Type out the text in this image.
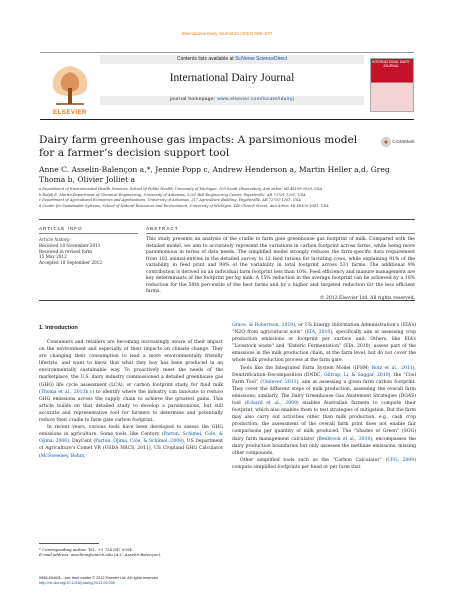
International Dairy Journal 31 (2013) S65–S77
ELSEVIER
Contents lists available at SciVerse ScienceDirect
International Dairy Journal
journal homepage: www.elsevier.com/locate/idairyj
INTERNATIONAL DAIRY JOURNAL
Dairy farm greenhouse gas impacts: A parsimonious model for a farmer’s decision support tool
CrossMark
Anne C. Asselin-Balençon a,*, Jennie Popp c, Andrew Henderson a, Martin Heller a,d, Greg Thoma b, Olivier Jolliet a
a Department of Environmental Health Sciences, School of Public Health, University of Michigan, 109 South Observatory, Ann Arbor, MI 48109-2029, USA
b Ralph E. Martin Department of Chemical Engineering, University of Arkansas, 3202 Bell Engineering Center, Fayetteville, AR 72701-1201, USA
c Department of Agricultural Economics and Agribusiness, University of Arkansas, 217 Agriculture Building, Fayetteville, AR 72701-1201, USA
d Center for Sustainable Systems, School of Natural Resources and Environment, University of Michigan, 440 Church Street, Ann Arbor, MI 48109-1041, USA
ARTICLE INFO	ABSTRACT
Article history:
Received 18 November 2011
Received in revised form
15 May 2012
Accepted 18 September 2012
This study presents an analysis of the cradle to farm gate greenhouse gas footprint of milk. Compared with the detailed model, we aim to accurately represent the variations in carbon footprint across farms, while being more parsimonious in terms of data needs. The simplified model strongly reduces the farm-specific data requirement from 102 animal-entries in the detailed survey to 12 feed rations for lactating cows, while explaining 91% of the variability in feed print and 98% of the variability in total footprint across 531 farms. The additional 9% contribution is derived on an individual farm footprint less than 10%. Feed efficiency and manure management are key determinants of the footprint per kg milk. A 15% reduction in the average footprint can be achieved by a 10% reduction for the 50th percentile of the best farms and by a higher and targeted reduction for the less efficient farms.
© 2012 Elsevier Ltd. All rights reserved.
1. Introduction

Consumers and retailers are becoming increasingly aware of their impact on the environment and especially of their impacts on climate change. They are changing their consumption to lead a more environmentally friendly lifestyle, and want to know that what they buy has been produced in an environmentally sustainable way. To proactively meet the needs of the marketplace, the U.S. dairy industry commissioned a detailed greenhouse gas (GHG) life cycle assessment (LCA), or carbon footprint study, for fluid milk (Thoma et al., 2013b,c) to identify where the industry can innovate to reduce GHG emissions across the supply chain to achieve the greatest gains. This article builds on that detailed study to develop a parsimonious, but still accurate and representative tool for farmers to determine and potentially reduce their cradle to farm gate carbon footprint.

In recent years, various tools have been developed to assess the GHG emissions in agriculture. Some tools, like Century (Parton, Schimel, Cole, & Ojima, 2006), DayCent (Parton, Ojima, Cole, & Schimel, 2008), US Department of Agriculture’s Comet VR (USDA NRCS, 2011), US Cropland GHG Calculator (McSweeney, Bohm,

Grace, & Robertson, 2010), or US Energy Information Administration’s (EIA’s) “N2O from agricultural soils” (EIA, 2010), specifically aim at assessing crop production emissions or footprint per surface unit. Others, like EIA’s “Livestock waste” and “Enteric Fermentation” (EIA, 2010), assess part of the emissions in the milk production chain, at the farm level, but do not cover the whole milk production process at the farm gate.

Tools like the Integrated Farm System Model (IFSM; Rotz et al., 2011), Denitrification–Decomposition (DNDC; Giltrap, Li, & Saggar, 2010), the “Cool Farm Tool” (Unilever, 2011), aim at assessing a given farm carbon footprint. They cover the different steps of milk production, assessing the overall farm emissions; similarly, The Dairy Greenhouse Gas Abatement Strategies (DGAS) tool (Eckard et al., 2009) enables Australian farmers to compute their footprint, which also enables them to test strategies of mitigation. But the farm may also carry out activities other than milk production, e.g., cash crop production; the assessment of the overall farm print does not enable fair comparisons per quantity of milk produced. The “Shades of Green” (SOG) dairy farm management calculator (Benbrook et al., 2010), encompasses the dairy production boundaries but only assesses the methane emissions, missing other compounds.

Other simplified tools such as the “Carbon Calculator” (CFG, 2009) compute simplified footprints per head or per farm that

* Corresponding author. Tel.: +1 734 647 0394.
E-mail address: asselinm@umich.edu (A.C. Asselin-Balençon).
0958-6946/$ – see front matter © 2012 Elsevier Ltd. All rights reserved.
http://dx.doi.org/10.1016/j.idairyj.2012.09.006
